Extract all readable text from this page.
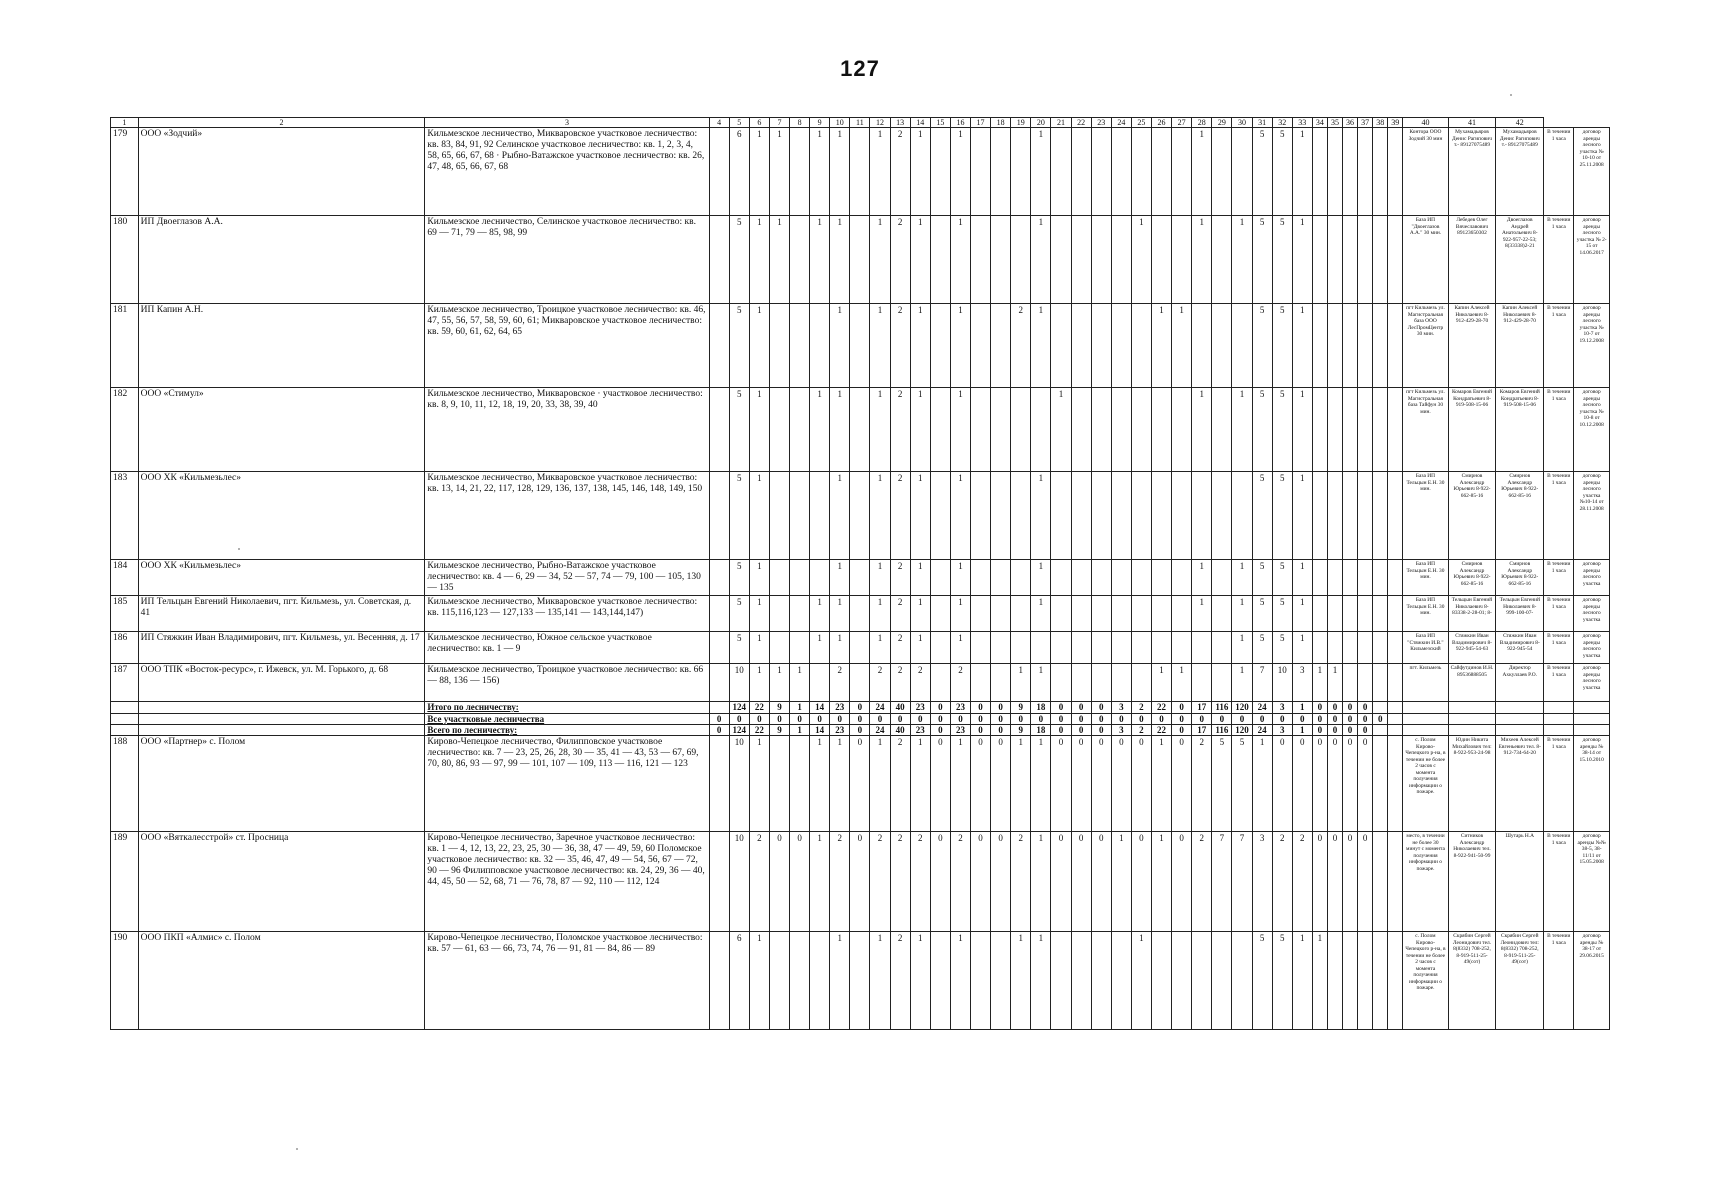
127
1	2	3	4	5	6	7	8	9	10	11	12	13	14	15	16	17	18	19	20	21	22	23	24	25	26	27	28	29	30	31	32	33	34	35	36	37	38	39	40	41	42		
179	ООО «Зодчий»	Кильмезское лесничество, Микваровское участковое лесничество: кв. 83, 84, 91, 92 Селинское участковое лесничество: кв. 1, 2, 3, 4, 58, 65, 66, 67, 68 · Рыбно-Ватажское участковое лесничество: кв. 26, 47, 48, 65, 66, 67, 68		6	1	1		1	1		1	2	1		1				1								1			5	5	1							Контора ООО Зодчий 30 мин	Мухамадьяров Денис Рагипович т.- 89127075489	Мухамадьяров Денис Рагипович т.- 89127075489	В течении 1 часа	договор аренды лесного участка № 10-10 от 25.11.2008
180	ИП Двоеглазов А.А.	Кильмезское лесничество, Селинское участковое лесничество: кв. 69 — 71, 79 — 85, 98, 99		5	1	1		1	1		1	2	1		1				1					1			1		1	5	5	1							База ИП "Двоеглазов А.А." 30 мин.	Лебедев Олег Вячеславович 89123650302	Двоеглазов Андрей Анатольевич 8-922-957-22-53; 8(33338)2-21	В течении 1 часа	договор аренды лесного участка № 2-15 от 14.06.2017
181	ИП Капин А.Н.	Кильмезское лесничество, Троицкое участковое лесничество: кв. 46, 47, 55, 56, 57, 58, 59, 60, 61; Микваровское участковое лесничество: кв. 59, 60, 61, 62, 64, 65		5	1				1		1	2	1		1			2	1						1	1				5	5	1							пгт Кильмезь ул. Магистральная база ООО ЛесПромЦентр 30 мин.	Капин Алексей Николаевич 8-912-429-28-70	Капин Алексей Николаевич 8-912-429-28-70	В течении 1 часа	договор аренды лесного участка № 10-7 от 19.12.2008
182	ООО «Стимул»	Кильмезское лесничество, Микваровское · участковое лесничество: кв. 8, 9, 10, 11, 12, 18, 19, 20, 33, 38, 39, 40		5	1			1	1		1	2	1		1					1							1		1	5	5	1							пгт Кильмезь ул. Магистральная база Тайфун 30 мин.	Комаров Евгений Кондратьевич 8-919-508-15-06	Комаров Евгений Кондратьевич 8-919-508-15-06	В течении 1 часа	договор аренды лесного участка № 10-8 от 10.12.2008
183	ООО ХК «Кильмезьлес»	Кильмезское лесничество, Микваровское участковое лесничество: кв. 13, 14, 21, 22, 117, 128, 129, 136, 137, 138, 145, 146, 148, 149, 150		5	1				1		1	2	1		1				1											5	5	1							База ИП Тельцын Е.Н. 30 мин.	Смирнов Александр Юрьевич 8-922-662-85-16	Смирнов Александр Юрьевич 8-922-662-85-16	В течении 1 часа	договор аренды лесного участка №10-14 от 28.11.2008
184	ООО ХК «Кильмезьлес»	Кильмезское лесничество, Рыбно-Ватажское участковое лесничество: кв. 4 — 6, 29 — 34, 52 — 57, 74 — 79, 100 — 105, 130 — 135		5	1				1		1	2	1		1				1								1		1	5	5	1							База ИП Тельцын Е.Н. 30 мин.	Смирнов Александр Юрьевич 8-922-662-85-16	Смирнов Александр Юрьевич 8-922-662-85-16	В течении 1 часа	договор аренды лесного участка
185	ИП Тельцын Евгений Николаевич, пгт. Кильмезь, ул. Советская, д. 41	Кильмезское лесничество, Микваровское участковое лесничество: кв. 115,116,123 — 127,133 — 135,141 — 143,144,147)		5	1			1	1		1	2	1		1				1								1		1	5	5	1							База ИП Тельцын Е.Н. 30 мин.	Тельцын Евгений Николаевич 8-83338-2-28-01; 8-	Тельцын Евгений Николаевич 8-999-100-07-	В течении 1 часа	договор аренды лесного участка
186	ИП Стяжкин Иван Владимирович, пгт. Кильмезь, ул. Весенняя, д. 17	Кильмезское лесничество, Южное сельское участковое лесничество: кв. 1 — 9		5	1			1	1		1	2	1		1														1	5	5	1							База ИП "Стяжкин И.В." Кильмезский	Стяжкин Иван Владимирович 8-922-945-54-63	Стяжкин Иван Владимирович 8-922-945-54	В течении 1 часа	договор аренды лесного участка
187	ООО ТПК «Восток-ресурс», г. Ижевск, ул. М. Горького, д. 68	Кильмезское лесничество, Троицкое участковое лесничество: кв. 66 — 88, 136 — 156)		10	1	1	1		2		2	2	2		2			1	1						1	1			1	7	10	3	1	1					пгт. Кильмезь	Сайфутдинов И.Н. 89536888505	Директор Ахкуллаев Р.О.	В течении 1 часа	договор аренды лесного участка
		Итого по лесничеству:		124	22	9	1	14	23	0	24	40	23	0	23	0	0	9	18	0	0	0	3	2	22	0	17	116	120	24	3	1	0	0	0	0							
		Все участковые лесничества	0	0	0	0	0	0	0	0	0	0	0	0	0	0	0	0	0	0	0	0	0	0	0	0	0	0	0	0	0	0	0	0	0	0	0						
		Всего по лесничеству:	0	124	22	9	1	14	23	0	24	40	23	0	23	0	0	9	18	0	0	0	3	2	22	0	17	116	120	24	3	1	0	0	0	0							
188	ООО «Партнер» с. Полом	Кирово-Чепецкое лесничество, Филипповское участковое лесничество: кв. 7 — 23, 25, 26, 28, 30 — 35, 41 — 43, 53 — 67, 69, 70, 80, 86, 93 — 97, 99 — 101, 107 — 109, 113 — 116, 121 — 123		10	1			1	1	0	1	2	1	0	1	0	0	1	1	0	0	0	0	0	1	0	2	5	5	1	0	0	0	0	0	0			с. Полом Кирово-Чепецкого р-на, в течении не более 2 часов с момента получения информации о пожаре.	Юдин Никита Михайлович тел: 8-922-953-24-98	Михеев Алексей Евгеньевич тел. 8-912-734-64-20	В течении 1 часа	договор аренды № 38-14 от 15.10.2010
189	ООО «Вяткалесстрой» ст. Просница	Кирово-Чепецкое лесничество, Заречное участковое лесничество: кв. 1 — 4, 12, 13, 22, 23, 25, 30 — 36, 38, 47 — 49, 59, 60 Поломское участковое лесничество: кв. 32 — 35, 46, 47, 49 — 54, 56, 67 — 72, 90 — 96 Филипповское участковое лесничество: кв. 24, 29, 36 — 40, 44, 45, 50 — 52, 68, 71 — 76, 78, 87 — 92, 110 — 112, 124		10	2	0	0	1	2	0	2	2	2	0	2	0	0	2	1	0	0	0	1	0	1	0	2	7	7	3	2	2	0	0	0	0			место, в течении не более 30 минут с момента получения информации о пожаре.	Ситников Александр Николаевич тел. 8-922-941-50-99	Шутарь Н.А	В течении 1 часа	договор аренды №№ 38-5, 38-11/11 от 15.05.2008
190	ООО ПКП «Алмис» с. Полом	Кирово-Чепецкое лесничество, Поломское участковое лесничество: кв. 57 — 61, 63 — 66, 73, 74, 76 — 91, 81 — 84, 86 — 89		6	1				1		1	2	1		1			1	1					1						5	5	1	1						с. Полом Кирово-Чепецкого р-на, в течении не более 2 часов с момента получения информации о пожаре.	Скрябин Сергей Леонидович тел. 8(8332) 708-252, 8-919-511-25-49(сот)	Скрябин Сергей Леонидович тел: 8(8332) 708-252, 8-919-511-25-49(сот)	В течении 1 часа	договор аренды № 38-17 от 29.06.2015
